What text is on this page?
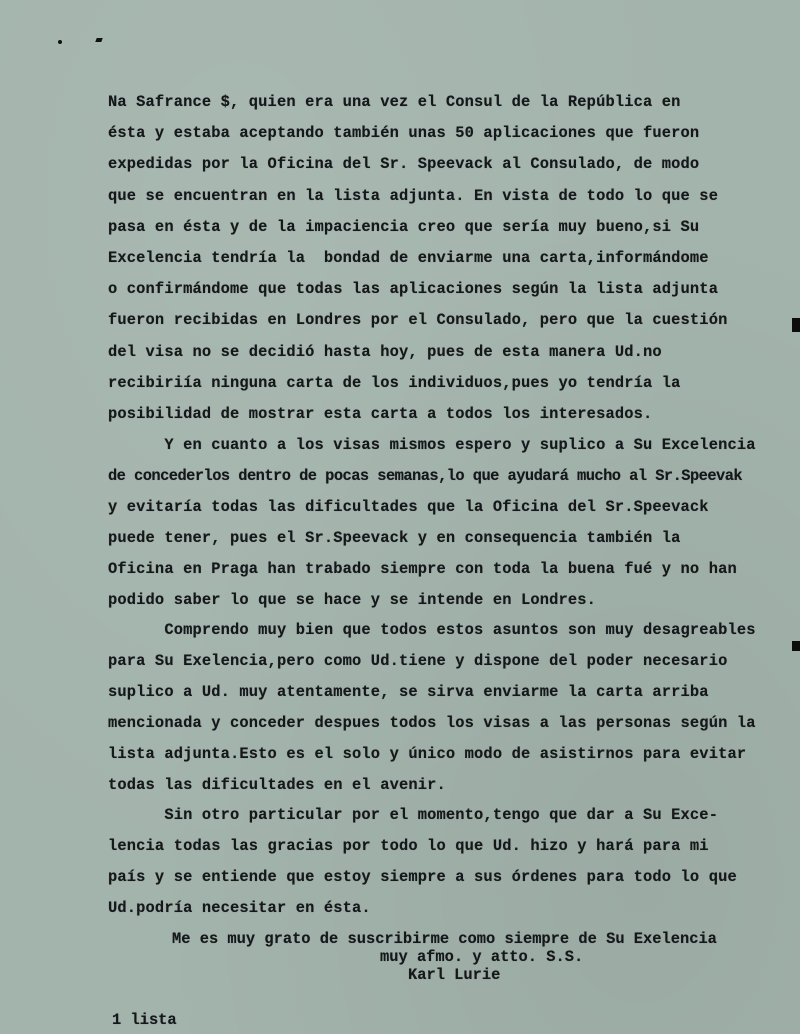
Na Safrance $, quien era una vez el Consul de la República en
ésta y estaba aceptando también unas 50 aplicaciones que fueron
expedidas por la Oficina del Sr. Speevack al Consulado, de modo
que se encuentran en la lista adjunta. En vista de todo lo que se
pasa en ésta y de la impaciencia creo que sería muy bueno,si Su
Excelencia tendría la  bondad de enviarme una carta,informándome
o confirmándome que todas las aplicaciones según la lista adjunta
fueron recibidas en Londres por el Consulado, pero que la cuestión
del visa no se decidió hasta hoy, pues de esta manera Ud.no
recibiriía ninguna carta de los individuos,pues yo tendría la
posibilidad de mostrar esta carta a todos los interesados.
Y en cuanto a los visas mismos espero y suplico a Su Excelencia
de concederlos dentro de pocas semanas,lo que ayudará mucho al Sr.Speevak
y evitaría todas las dificultades que la Oficina del Sr.Speevack
puede tener, pues el Sr.Speevack y en consequencia también la
Oficina en Praga han trabado siempre con toda la buena fué y no han
podido saber lo que se hace y se intende en Londres.
Comprendo muy bien que todos estos asuntos son muy desagreables
para Su Exelencia,pero como Ud.tiene y dispone del poder necesario
suplico a Ud. muy atentamente, se sirva enviarme la carta arriba
mencionada y conceder despues todos los visas a las personas según la
lista adjunta.Esto es el solo y único modo de asistirnos para evitar
todas las dificultades en el avenir.
Sin otro particular por el momento,tengo que dar a Su Exce-
lencia todas las gracias por todo lo que Ud. hizo y hará para mi
país y se entiende que estoy siempre a sus órdenes para todo lo que
Ud.podría necesitar en ésta.
Me es muy grato de suscribirme como siempre de Su Exelencia
muy afmo. y atto. S.S.
Karl Lurie
1 lista
